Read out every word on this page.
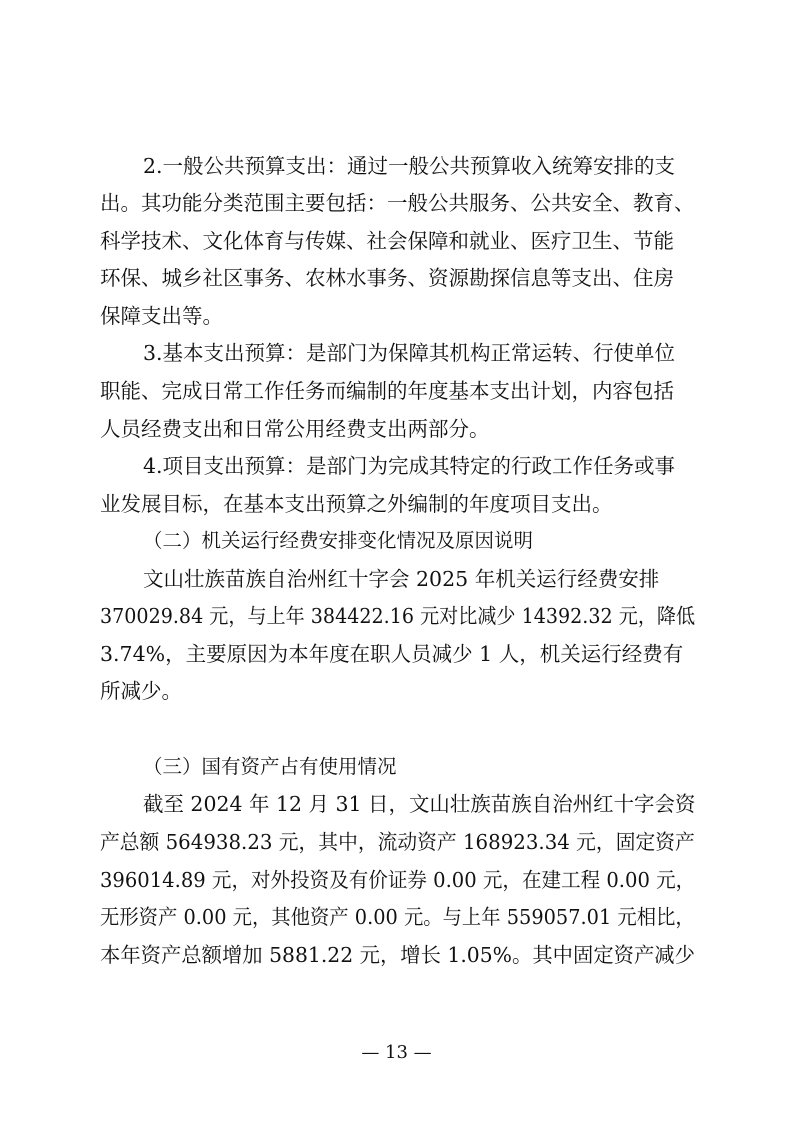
2.一般公共预算支出：通过一般公共预算收入统筹安排的支
出。其功能分类范围主要包括：一般公共服务、公共安全、教育、
科学技术、文化体育与传媒、社会保障和就业、医疗卫生、节能
环保、城乡社区事务、农林水事务、资源勘探信息等支出、住房
保障支出等。
3.基本支出预算：是部门为保障其机构正常运转、行使单位
职能、完成日常工作任务而编制的年度基本支出计划，内容包括
人员经费支出和日常公用经费支出两部分。
4.项目支出预算：是部门为完成其特定的行政工作任务或事
业发展目标，在基本支出预算之外编制的年度项目支出。
（二）机关运行经费安排变化情况及原因说明
文山壮族苗族自治州红十字会 2025 年机关运行经费安排
370029.84 元，与上年 384422.16 元对比减少 14392.32 元，降低
3.74%，主要原因为本年度在职人员减少 1 人，机关运行经费有
所减少。
（三）国有资产占有使用情况
截至 2024 年 12 月 31 日，文山壮族苗族自治州红十字会资
产总额 564938.23 元，其中，流动资产 168923.34 元，固定资产
396014.89 元，对外投资及有价证券 0.00 元，在建工程 0.00 元，
无形资产 0.00 元，其他资产 0.00 元。与上年 559057.01 元相比，
本年资产总额增加 5881.22 元，增长 1.05%。其中固定资产减少
— 13 —
